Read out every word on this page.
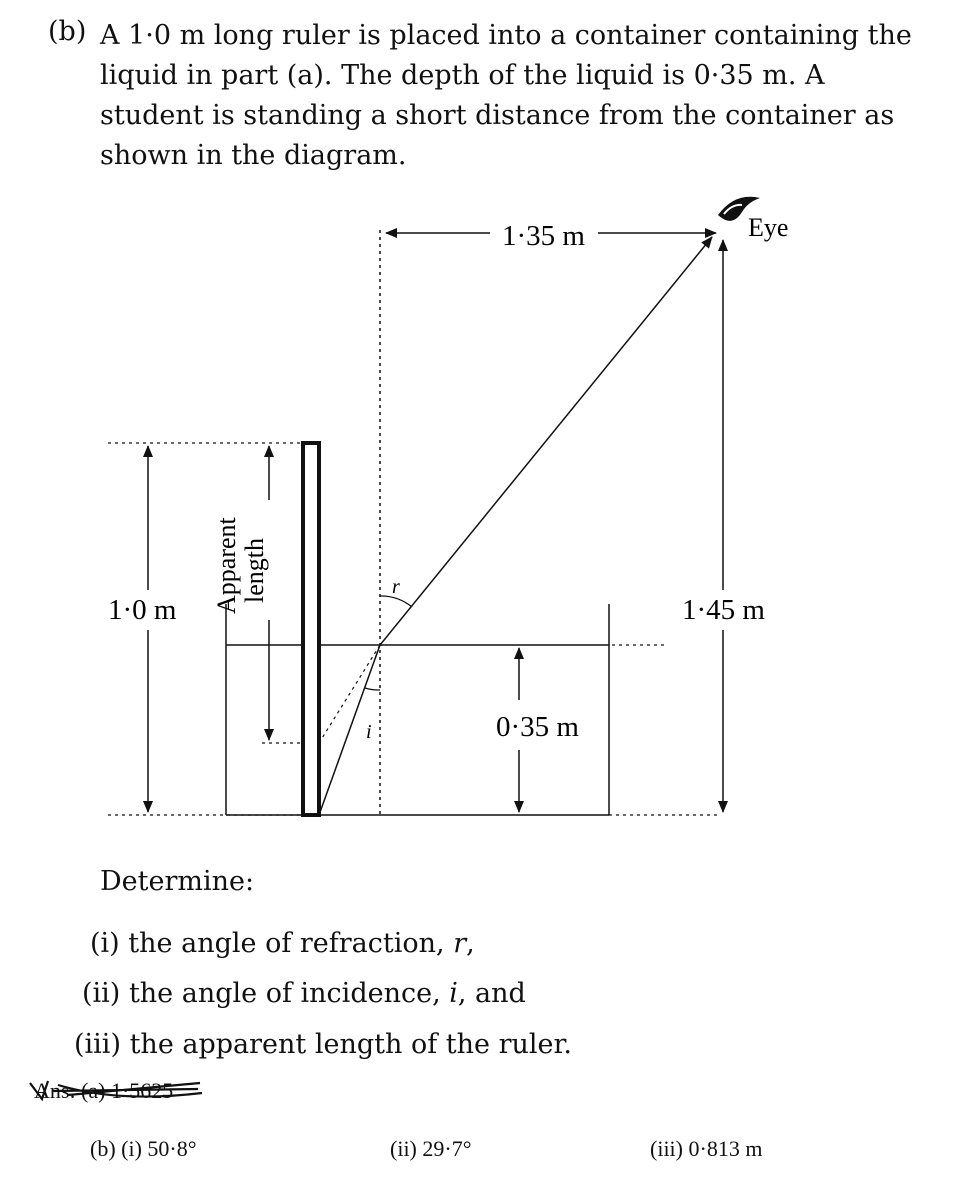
(b) A 1·0 m long ruler is placed into a container containing the liquid in part (a). The depth of the liquid is 0·35 m. A student is standing a short distance from the container as shown in the diagram.
1·0 m Apparent length	r
i
1·35 m	Eye
1·45 m
0·35 m
Determine:
(i) the angle of refraction, r,
(ii) the angle of incidence, i, and
(iii) the apparent length of the ruler.
Ans: (a) 1·5625
(b) (i) 50·8°	(ii) 29·7°	(iii) 0·813 m
